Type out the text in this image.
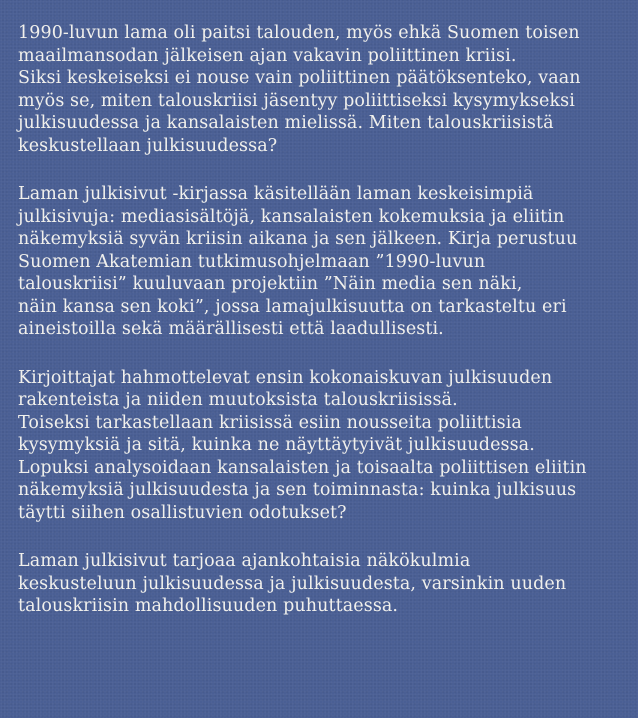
1990-luvun lama oli paitsi talouden, myös ehkä Suomen toisen
maailmansodan jälkeisen ajan vakavin poliittinen kriisi.
Siksi keskeiseksi ei nouse vain poliittinen päätöksenteko, vaan
myös se, miten talouskriisi jäsentyy poliittiseksi kysymykseksi
julkisuudessa ja kansalaisten mielissä. Miten talouskriisistä
keskustellaan julkisuudessa?
Laman julkisivut -kirjassa käsitellään laman keskeisimpiä
julkisivuja: mediasisältöjä, kansalaisten kokemuksia ja eliitin
näkemyksiä syvän kriisin aikana ja sen jälkeen. Kirja perustuu
Suomen Akatemian tutkimusohjelmaan ”1990-luvun
talouskriisi” kuuluvaan projektiin ”Näin media sen näki,
näin kansa sen koki”, jossa lamajulkisuutta on tarkasteltu eri
aineistoilla sekä määrällisesti että laadullisesti.
Kirjoittajat hahmottelevat ensin kokonaiskuvan julkisuuden
rakenteista ja niiden muutoksista talouskriisissä.
Toiseksi tarkastellaan kriisissä esiin nousseita poliittisia
kysymyksiä ja sitä, kuinka ne näyttäytyivät julkisuudessa.
Lopuksi analysoidaan kansalaisten ja toisaalta poliittisen eliitin
näkemyksiä julkisuudesta ja sen toiminnasta: kuinka julkisuus
täytti siihen osallistuvien odotukset?
Laman julkisivut tarjoaa ajankohtaisia näkökulmia
keskusteluun julkisuudessa ja julkisuudesta, varsinkin uuden
talouskriisin mahdollisuuden puhuttaessa.
